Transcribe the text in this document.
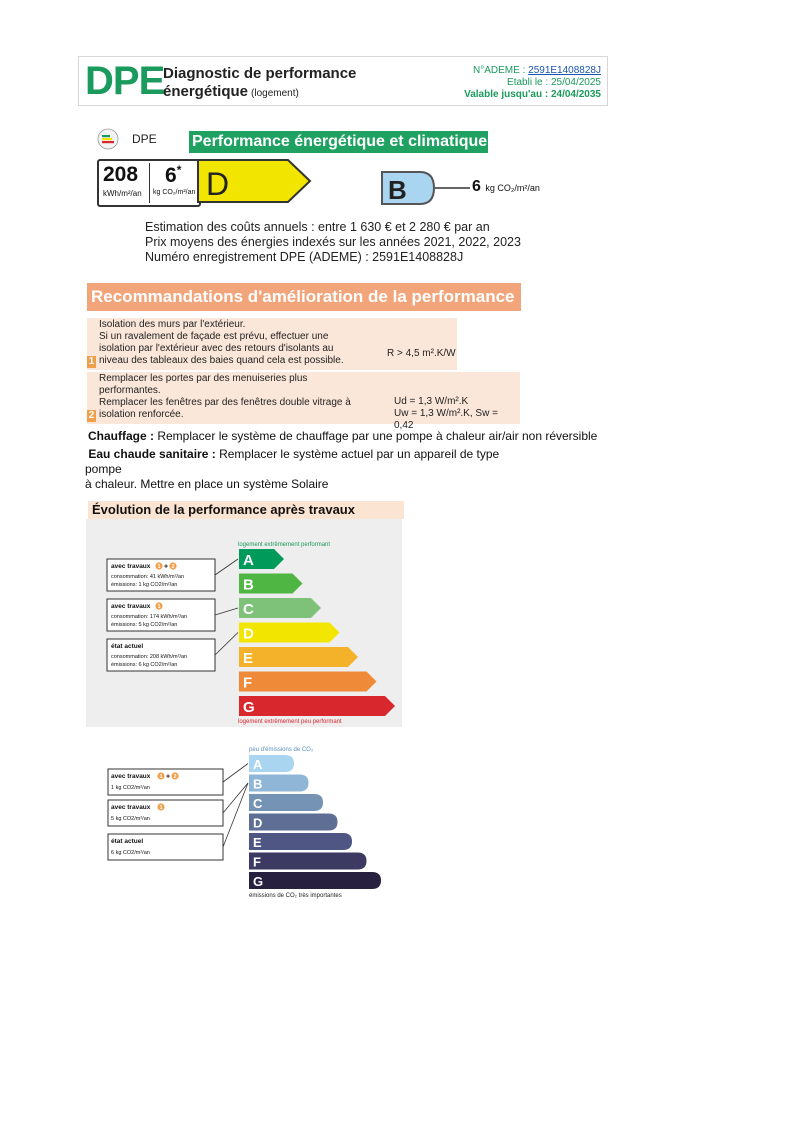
DPE
Diagnostic de performance
énergétique (logement)
N°ADEME : 2591E1408828J
Etabli le : 25/04/2025
Valable jusqu'au : 24/04/2035
DPE Performance énergétique et climatique
208
kWh/m²/an
6*
kg CO₂/m²/an D	B	6 kg CO₂/m²/an
Estimation des coûts annuels : entre 1 630 € et 2 280 € par an
Prix moyens des énergies indexés sur les années 2021, 2022, 2023
Numéro enregistrement DPE (ADEME) : 2591E1408828J
Recommandations d'amélioration de la performance
1
Isolation des murs par l'extérieur.
Si un ravalement de façade est prévu, effectuer une
isolation par l'extérieur avec des retours d'isolants au
niveau des tableaux des baies quand cela est possible.
R > 4,5 m².K/W
2
Remplacer les portes par des menuiseries plus
performantes.
Remplacer les fenêtres par des fenêtres double vitrage à
isolation renforcée.
Ud = 1,3 W/m².K
Uw = 1,3 W/m².K, Sw = 0,42
Chauffage : Remplacer le système de chauffage par une pompe à chaleur air/air non réversible
Eau chaude sanitaire : Remplacer le système actuel par un appareil de type pompe
à chaleur. Mettre en place un système Solaire
Évolution de la performance après travaux
logement extrêmement performant
A
B
C
D
E
F
G
avec travaux 1 + 2
consommation: 41 kWh/m²/an
émissions: 1 kg CO2/m²/an
avec travaux 1
consommation: 174 kWh/m²/an
émissions: 5 kg CO2/m²/an
état actuel
consommation: 208 kWh/m²/an
émissions: 6 kg CO2/m²/an
logement extrêmement peu performant
peu d'émissions de CO₂
A
B
C
D
E
F
G
avec travaux 1 + 2
1 kg CO2/m²/an
avec travaux 1
5 kg CO2/m²/an
état actuel
6 kg CO2/m²/an
émissions de CO₂ très importantes
